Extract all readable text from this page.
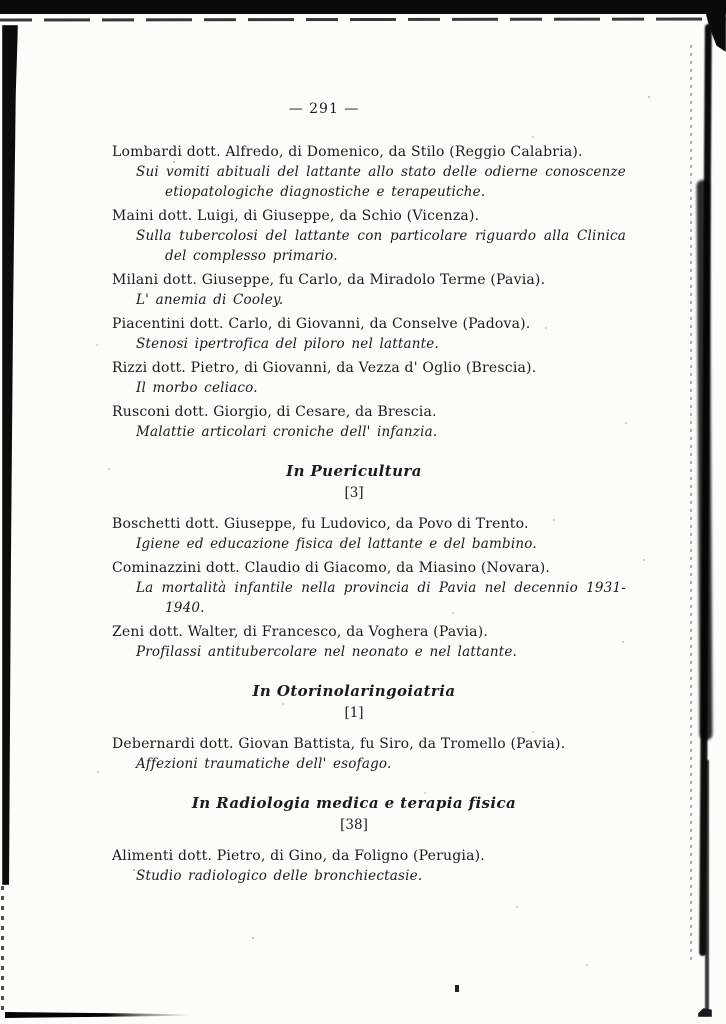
— 291 —

Lombardi dott. Alfredo, di Domenico, da Stilo (Reggio Calabria).

Sui vomiti abituali del lattante allo stato delle odierne conoscenze etiopatologiche diagnostiche e terapeutiche.

Maini dott. Luigi, di Giuseppe, da Schio (Vicenza).

Sulla tubercolosi del lattante con particolare riguardo alla Clinica del complesso primario.

Milani dott. Giuseppe, fu Carlo, da Miradolo Terme (Pavia).

L' anemia di Cooley.

Piacentini dott. Carlo, di Giovanni, da Conselve (Padova).

Stenosi ipertrofica del piloro nel lattante.

Rizzi dott. Pietro, di Giovanni, da Vezza d' Oglio (Brescia).

Il morbo celiaco.

Rusconi dott. Giorgio, di Cesare, da Brescia.

Malattie articolari croniche dell' infanzia.

In Puericultura

[3]

Boschetti dott. Giuseppe, fu Ludovico, da Povo di Trento.

Igiene ed educazione fisica del lattante e del bambino.

Cominazzini dott. Claudio di Giacomo, da Miasino (Novara).

La mortalità infantile nella provincia di Pavia nel decennio 1931-1940.

Zeni dott. Walter, di Francesco, da Voghera (Pavia).

Profilassi antitubercolare nel neonato e nel lattante.

In Otorinolaringoiatria

[1]

Debernardi dott. Giovan Battista, fu Siro, da Tromello (Pavia).

Affezioni traumatiche dell' esofago.

In Radiologia medica e terapia fisica

[38]

Alimenti dott. Pietro, di Gino, da Foligno (Perugia).

Studio radiologico delle bronchiectasie.
